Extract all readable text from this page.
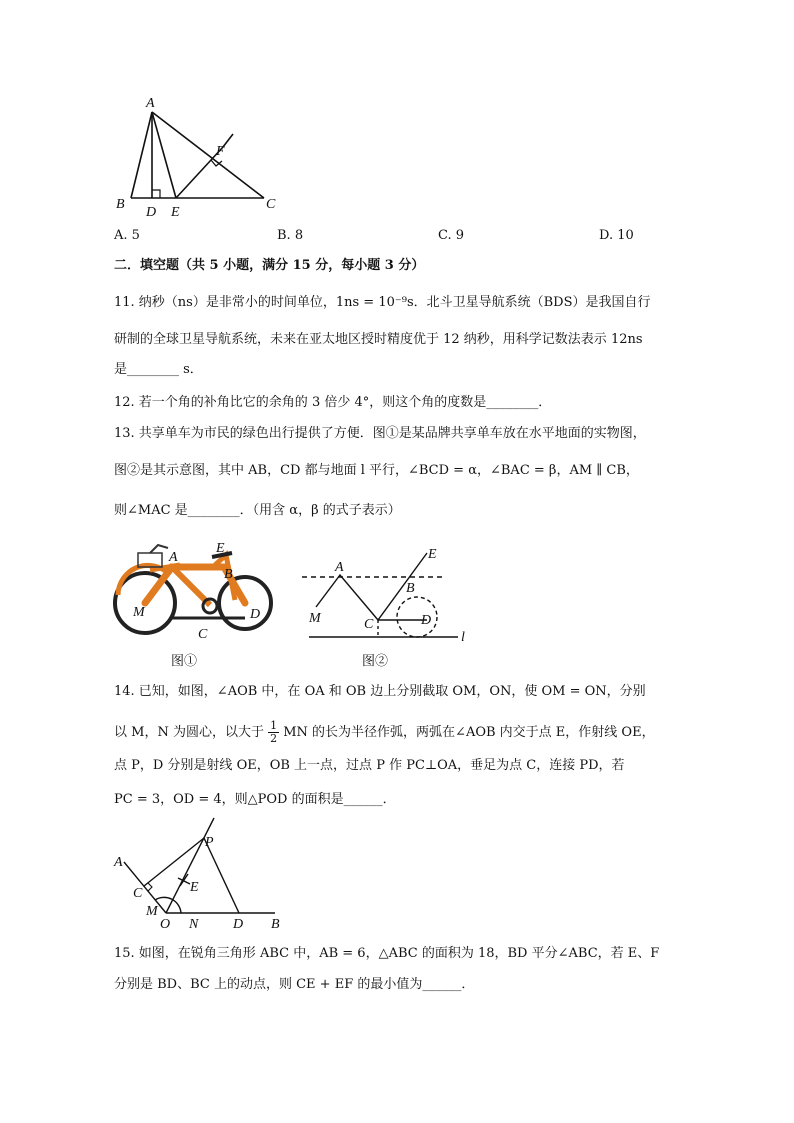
A
B	C
D E
F
A. 5	B. 8	C. 9	D. 10
二．填空题（共 5 小题，满分 15 分，每小题 3 分）
11. 纳秒（ns）是非常小的时间单位，1ns = 10⁻⁹s．北斗卫星导航系统（BDS）是我国自行
研制的全球卫星导航系统，未来在亚太地区授时精度优于 12 纳秒，用科学记数法表示 12ns
是________ s．
12. 若一个角的补角比它的余角的 3 倍少 4°，则这个角的度数是________．
13. 共享单车为市民的绿色出行提供了方便．图①是某品牌共享单车放在水平地面的实物图，
图②是其示意图，其中 AB，CD 都与地面 l 平行，∠BCD = α，∠BAC = β，AM ∥ CB，
则∠MAC 是________．（用含 α，β 的式子表示）
A
E
B
M	D
C
图①
A
E
B
M	C	D
l
图②
14. 已知，如图，∠AOB 中，在 OA 和 OB 边上分别截取 OM，ON，使 OM = ON，分别
以 M，N 为圆心，以大于 $\frac{1}{2}$ MN 的长为半径作弧，两弧在∠AOB 内交于点 E，作射线 OE，
点 P，D 分别是射线 OE，OB 上一点，过点 P 作 PC⊥OA，垂足为点 C，连接 PD，若
PC = 3，OD = 4，则△POD 的面积是______．
A
P
C	E
M
O N D B
15. 如图，在锐角三角形 ABC 中，AB = 6，△ABC 的面积为 18，BD 平分∠ABC，若 E、F
分别是 BD、BC 上的动点，则 CE + EF 的最小值为______．
